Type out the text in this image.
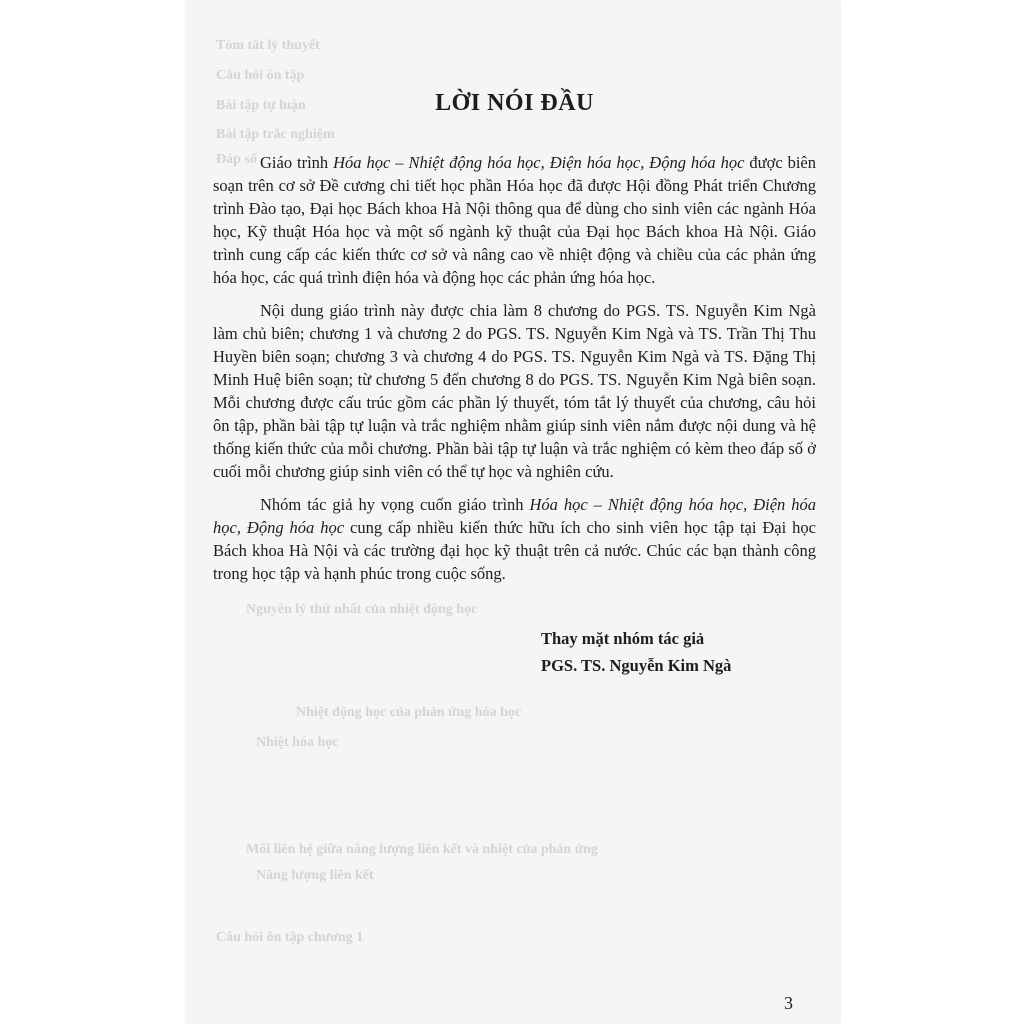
Tóm tắt lý thuyết
Câu hỏi ôn tập
Bài tập tự luận
Bài tập trắc nghiệm
Đáp số
Nguyên lý thứ nhất của nhiệt động học
Nhiệt động học của phản ứng hóa học
Nhiệt hóa học
Mối liên hệ giữa năng lượng liên kết và nhiệt của phản ứng
Năng lượng liên kết
Câu hỏi ôn tập chương 1
LỜI NÓI ĐẦU

Giáo trình Hóa học – Nhiệt động hóa học, Điện hóa học, Động hóa học được biên soạn trên cơ sở Đề cương chi tiết học phần Hóa học đã được Hội đồng Phát triển Chương trình Đào tạo, Đại học Bách khoa Hà Nội thông qua để dùng cho sinh viên các ngành Hóa học, Kỹ thuật Hóa học và một số ngành kỹ thuật của Đại học Bách khoa Hà Nội. Giáo trình cung cấp các kiến thức cơ sở và nâng cao về nhiệt động và chiều của các phản ứng hóa học, các quá trình điện hóa và động học các phản ứng hóa học.

Nội dung giáo trình này được chia làm 8 chương do PGS. TS. Nguyễn Kim Ngà làm chủ biên; chương 1 và chương 2 do PGS. TS. Nguyễn Kim Ngà và TS. Trần Thị Thu Huyền biên soạn; chương 3 và chương 4 do PGS. TS. Nguyễn Kim Ngà và TS. Đặng Thị Minh Huệ biên soạn; từ chương 5 đến chương 8 do PGS. TS. Nguyễn Kim Ngà biên soạn. Mỗi chương được cấu trúc gồm các phần lý thuyết, tóm tắt lý thuyết của chương, câu hỏi ôn tập, phần bài tập tự luận và trắc nghiệm nhằm giúp sinh viên nắm được nội dung và hệ thống kiến thức của mỗi chương. Phần bài tập tự luận và trắc nghiệm có kèm theo đáp số ở cuối mỗi chương giúp sinh viên có thể tự học và nghiên cứu.

Nhóm tác giả hy vọng cuốn giáo trình Hóa học – Nhiệt động hóa học, Điện hóa học, Động hóa học cung cấp nhiều kiến thức hữu ích cho sinh viên học tập tại Đại học Bách khoa Hà Nội và các trường đại học kỹ thuật trên cả nước. Chúc các bạn thành công trong học tập và hạnh phúc trong cuộc sống.

Thay mặt nhóm tác giả
PGS. TS. Nguyễn Kim Ngà
3
